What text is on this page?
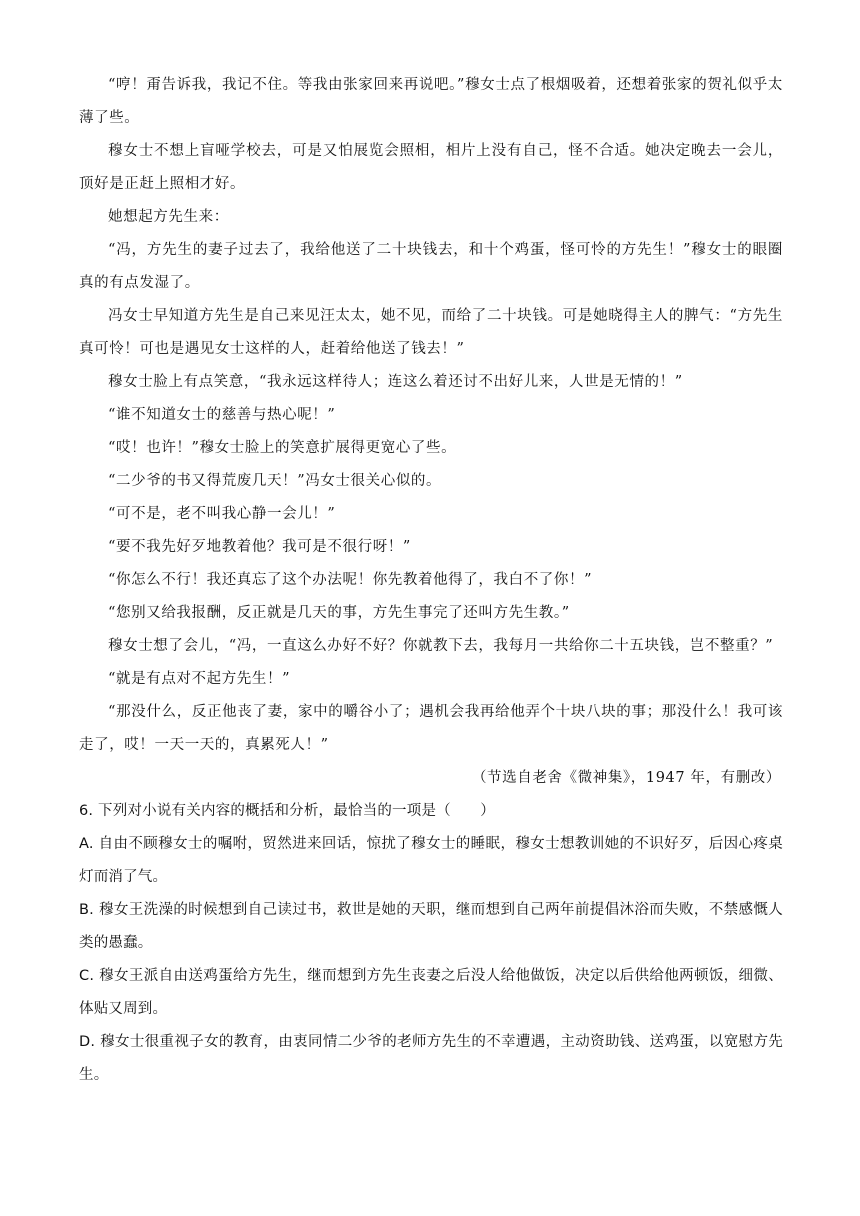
“哼！甭告诉我，我记不住。等我由张家回来再说吧。”穆女士点了根烟吸着，还想着张家的贺礼似乎太薄了些。

穆女士不想上盲哑学校去，可是又怕展览会照相，相片上没有自己，怪不合适。她决定晚去一会儿，顶好是正赶上照相才好。

她想起方先生来：

“冯，方先生的妻子过去了，我给他送了二十块钱去，和十个鸡蛋，怪可怜的方先生！”穆女士的眼圈真的有点发湿了。

冯女士早知道方先生是自己来见汪太太，她不见，而给了二十块钱。可是她晓得主人的脾气：“方先生真可怜！可也是遇见女士这样的人，赶着给他送了钱去！”

穆女士脸上有点笑意，“我永远这样待人；连这么着还讨不出好儿来，人世是无情的！”

“谁不知道女士的慈善与热心呢！”

“哎！也许！”穆女士脸上的笑意扩展得更宽心了些。

“二少爷的书又得荒废几天！”冯女士很关心似的。

“可不是，老不叫我心静一会儿！”

“要不我先好歹地教着他？我可是不很行呀！”

“你怎么不行！我还真忘了这个办法呢！你先教着他得了，我白不了你！”

“您别又给我报酬，反正就是几天的事，方先生事完了还叫方先生教。”

穆女士想了会儿，“冯，一直这么办好不好？你就教下去，我每月一共给你二十五块钱，岂不整重？”

“就是有点对不起方先生！”

“那没什么，反正他丧了妻，家中的嚼谷小了；遇机会我再给他弄个十块八块的事；那没什么！我可该走了，哎！一天一天的，真累死人！”

（节选自老舍《微神集》，1947 年，有删改）

6. 下列对小说有关内容的概括和分析，最恰当的一项是（　　）

A. 自由不顾穆女士的嘱咐，贸然进来回话，惊扰了穆女士的睡眠，穆女士想教训她的不识好歹，后因心疼桌灯而消了气。

B. 穆女王洗澡的时候想到自己读过书，救世是她的天职，继而想到自己两年前提倡沐浴而失败，不禁感慨人类的愚蠢。

C. 穆女王派自由送鸡蛋给方先生，继而想到方先生丧妻之后没人给他做饭，决定以后供给他两顿饭，细微、体贴又周到。

D. 穆女士很重视子女的教育，由衷同情二少爷的老师方先生的不幸遭遇，主动资助钱、送鸡蛋，以宽慰方先生。
